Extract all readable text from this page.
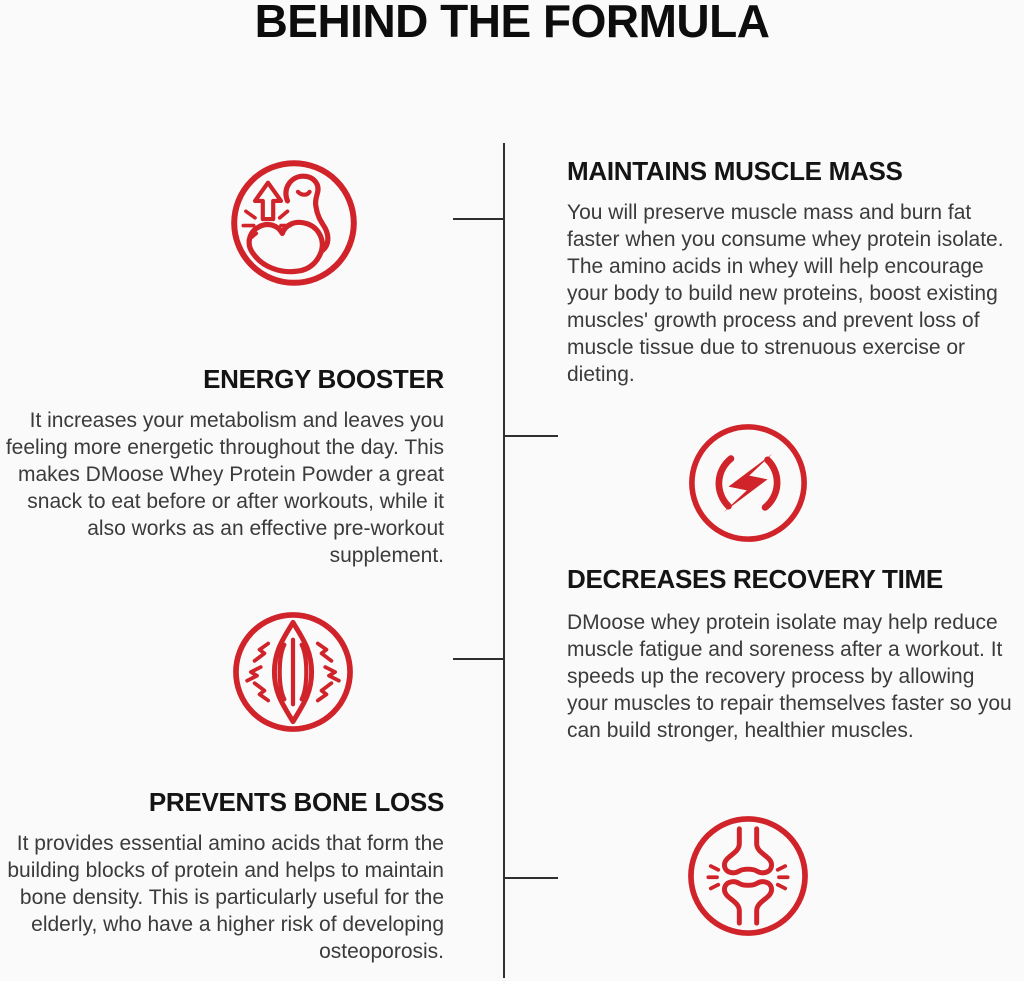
BEHIND THE FORMULA
MAINTAINS MUSCLE MASS

You will preserve muscle mass and burn fat faster when you consume whey protein isolate. The amino acids in whey will help encourage your body to build new proteins, boost existing muscles' growth process and prevent loss of muscle tissue due to strenuous exercise or dieting.

ENERGY BOOSTER

It increases your metabolism and leaves you feeling more energetic throughout the day. This makes DMoose Whey Protein Powder a great snack to eat before or after workouts, while it also works as an effective pre-workout supplement.

DECREASES RECOVERY TIME

DMoose whey protein isolate may help reduce muscle fatigue and soreness after a workout. It speeds up the recovery process by allowing your muscles to repair themselves faster so you can build stronger, healthier muscles.

PREVENTS BONE LOSS

It provides essential amino acids that form the building blocks of protein and helps to maintain bone density. This is particularly useful for the elderly, who have a higher risk of developing osteoporosis.
